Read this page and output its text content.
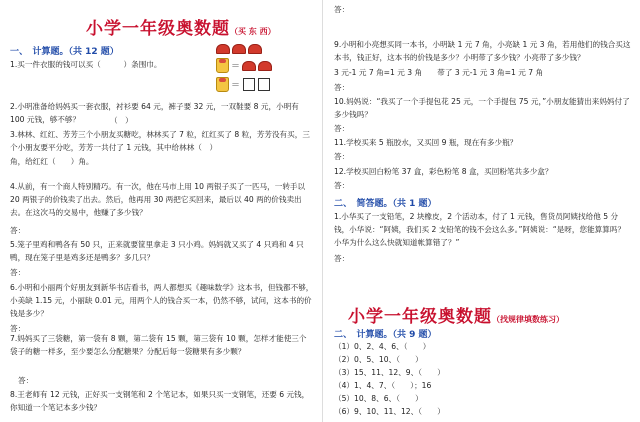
小学一年级奥数题（买 东 西）
一、　计算题。（共 12 题）
1.买一件衣服的钱可以买（　　　）条围巾。	＝
＝
2.小明准备给妈妈买一套衣服，衬衫要 64 元，裤子要 32 元，一双鞋要 8 元，小明有 100 元钱，够不够？	（　）
3.林林、红红、芳芳三个小朋友买糖吃，林林买了 7 粒，红红买了 8 粒，芳芳没有买，三个小朋友要平分吃，芳芳一共付了 1 元钱，其中给林林（　）
角，给红红（　　）角。
4.从前，有一个商人特别精巧。有一次，他在马市上用 10 两银子买了一匹马，一转手以 20 两银子的价钱卖了出去。然后，他再用 30 两把它买回来，最后以 40 两的价钱卖出去。在这次马的交易中，他赚了多少钱？
答：
5.笼子里鸡和鸭各有 50 只，正来就要筐里拿走 3 只小鸡。妈妈就又买了 4 只鸡和 4 只鸭，现在笼子里是鸡多还是鸭多？多几只？
答：
6.小明和小丽两个好朋友到新华书店看书，两人都想买《趣味数学》这本书，但钱都不够，小美缺 1.15 元，小丽缺 0.01 元，用两个人的钱合买一本，仍然不够，试问，这本书的价钱是多少？
答：
7.妈妈买了三袋糖，第一袋有 8 颗，第二袋有 15 颗，第三袋有 10 颗，怎样才能使三个袋子的糖一样多，至少要怎么分配糖果？分配后每一袋糖果有多少颗？
答：
8.王老师有 12 元钱，正好买一支钢笔和 2 个笔记本，如果只买一支钢笔，还要 6 元钱，你知道一个笔记本多少钱？
答：
9.小明和小亮想买同一本书，小明缺 1 元 7 角，小亮缺 1 元 3 角，若用他们的钱合买这本书，钱正好，这本书的价钱是多少？小明带了多少钱？小亮带了多少钱？
3 元-1 元 7 角=1 元 3 角　　带了 3 元-1 元 3 角=1 元 7 角
答：
10.妈妈说：“我买了一个手提包花 25 元，一个手提包 75 元，”小朋友能猜出来妈妈付了多少钱吗？
答：
11.学校买来 5 瓶胶水，又买回 9 瓶，现在有多少瓶？
答：
12.学校买回白粉笔 37 盒，彩色粉笔 8 盒，买回粉笔共多少盒？
答：
二、　简答题。（共 1 题）
1.小华买了一支铅笔，2 块橡皮，2 个活动本，付了 1 元钱，售货员阿姨找给他 5 分钱，小华说：“阿姨，我们买 2 支铅笔的钱不会这么多。”阿姨说：“是呀，您能算算吗？小华为什么这么快就知道帐算错了？”
答：
小学一年级奥数题（找规律填数练习）
二、　计算题。（共 9 题）
（1）0、2、4、6、（　　）
（2）0、5、10、（　　）
（3）15、11、12、9、（　　）
（4）1、4、7、（　　）；16
（5）10、8、6、（　　）
（6）9、10、11、12、（　　）
